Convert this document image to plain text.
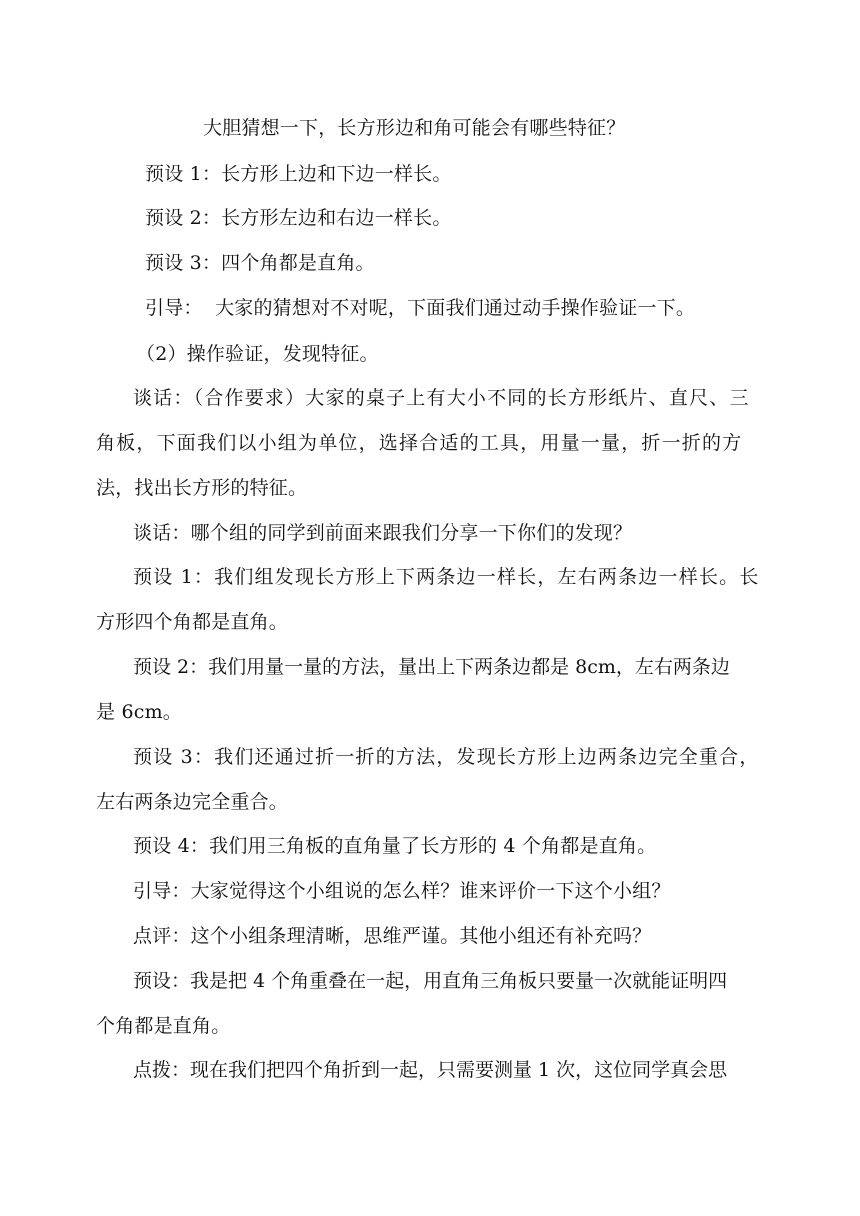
大胆猜想一下，长方形边和角可能会有哪些特征？
预设 1：长方形上边和下边一样长。
预设 2：长方形左边和右边一样长。
预设 3：四个角都是直角。
引导：  大家的猜想对不对呢，下面我们通过动手操作验证一下。
（2）操作验证，发现特征。
谈话：（合作要求）大家的桌子上有大小不同的长方形纸片、直尺、三
角板，下面我们以小组为单位，选择合适的工具，用量一量，折一折的方
法，找出长方形的特征。
谈话：哪个组的同学到前面来跟我们分享一下你们的发现？
预设 1：我们组发现长方形上下两条边一样长，左右两条边一样长。长
方形四个角都是直角。
预设 2：我们用量一量的方法，量出上下两条边都是 8cm，左右两条边
是 6cm。
预设 3：我们还通过折一折的方法，发现长方形上边两条边完全重合，
左右两条边完全重合。
预设 4：我们用三角板的直角量了长方形的 4 个角都是直角。
引导：大家觉得这个小组说的怎么样？谁来评价一下这个小组？
点评：这个小组条理清晰，思维严谨。其他小组还有补充吗？
预设：我是把 4 个角重叠在一起，用直角三角板只要量一次就能证明四
个角都是直角。
点拨：现在我们把四个角折到一起，只需要测量 1 次，这位同学真会思
